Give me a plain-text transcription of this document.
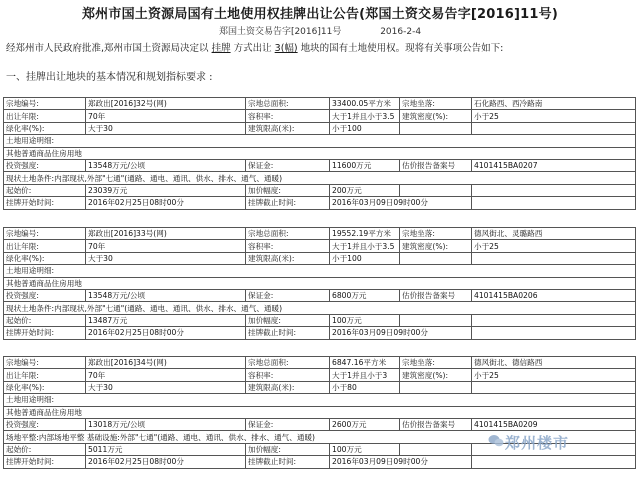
郑州市国土资源局国有土地使用权挂牌出让公告(郑国土资交易告字[2016]11号)
郑国土资交易告字[2016]11号	2016-2-4
经郑州市人民政府批准,郑州市国土资源局决定以 挂牌 方式出让 3(幅) 地块的国有土地使用权。现将有关事项公告如下:
一、挂牌出让地块的基本情况和规划指标要求 :
宗地编号:	郑政出[2016]32号(网)	宗地总面积:	33400.05平方米	宗地坐落:	石化路西、西冷路南
出让年限:	70年	容积率:	大于1并且小于3.5	建筑密度(%):	小于25
绿化率(%):	大于30	建筑限高(米):	小于100		
土地用途明细:					
其他普通商品住房用地					
投资强度:	13548万元/公顷	保证金:	11600万元	估价报告备案号	4101415BA0207
现状土地条件:内部现状,外部"七通"(通路、通电、通讯、供水、排水、通气、通暖)					
起始价:	23039万元	加价幅度:	200万元		
挂牌开始时间:	2016年02月25日08时00分	挂牌截止时间:	2016年03月09日09时00分		
宗地编号:	郑政出[2016]33号(网)	宗地总面积:	19552.19平方米	宗地坐落:	德风街北、灵璐路西
出让年限:	70年	容积率:	大于1并且小于3.5	建筑密度(%):	小于25
绿化率(%):	大于30	建筑限高(米):	小于100		
土地用途明细:					
其他普通商品住房用地					
投资强度:	13548万元/公顷	保证金:	6800万元	估价报告备案号	4101415BA0206
现状土地条件:内部现状,外部"七通"(通路、通电、通讯、供水、排水、通气、通暖)					
起始价:	13487万元	加价幅度:	100万元		
挂牌开始时间:	2016年02月25日08时00分	挂牌截止时间:	2016年03月09日09时00分		
宗地编号:	郑政出[2016]34号(网)	宗地总面积:	6847.16平方米	宗地坐落:	德风街北、德信路西
出让年限:	70年	容积率:	大于1并且小于3	建筑密度(%):	小于25
绿化率(%):	大于30	建筑限高(米):	小于80		
土地用途明细:					
其他普通商品住房用地					
投资强度:	13018万元/公顷	保证金:	2600万元	估价报告备案号	4101415BA0209
场地平整:内部场地平整 基础设施:外部"七通"(通路、通电、通讯、供水、排水、通气、通暖)					
起始价:	5011万元	加价幅度:	100万元		
挂牌开始时间:	2016年02月25日08时00分	挂牌截止时间:	2016年03月09日09时00分		
郑州楼市
